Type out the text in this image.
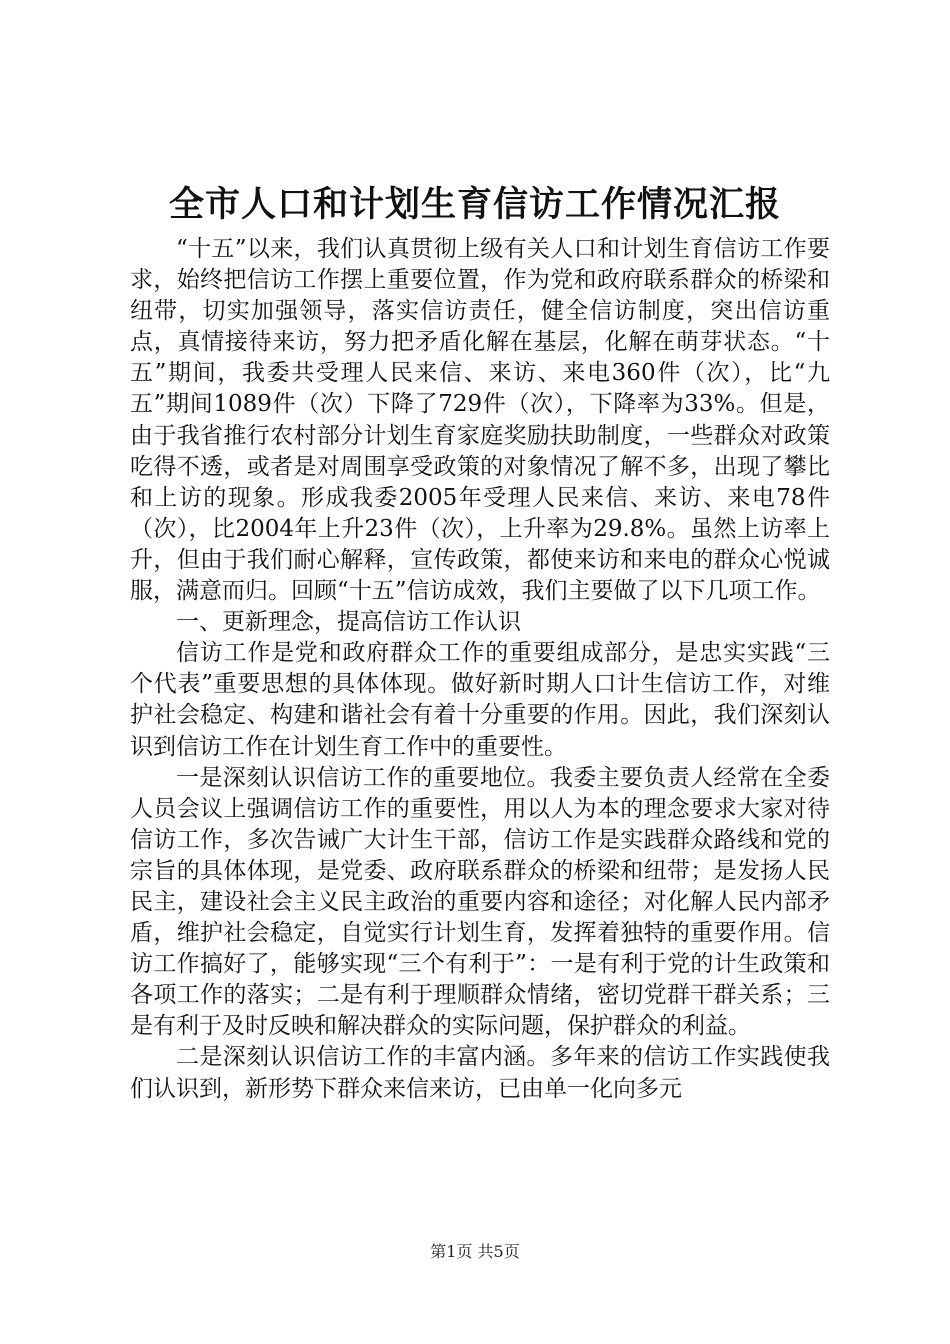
全市人口和计划生育信访工作情况汇报

“十五”以来，我们认真贯彻上级有关人口和计划生育信访工作要求，始终把信访工作摆上重要位置，作为党和政府联系群众的桥梁和纽带，切实加强领导，落实信访责任，健全信访制度，突出信访重点，真情接待来访，努力把矛盾化解在基层，化解在萌芽状态。“十五”期间，我委共受理人民来信、来访、来电360件（次），比“九五”期间1089件（次）下降了729件（次），下降率为33%。但是，由于我省推行农村部分计划生育家庭奖励扶助制度，一些群众对政策吃得不透，或者是对周围享受政策的对象情况了解不多，出现了攀比和上访的现象。形成我委2005年受理人民来信、来访、来电78件（次），比2004年上升23件（次），上升率为29.8%。虽然上访率上升，但由于我们耐心解释，宣传政策，都使来访和来电的群众心悦诚服，满意而归。回顾“十五”信访成效，我们主要做了以下几项工作。

一、更新理念，提高信访工作认识

信访工作是党和政府群众工作的重要组成部分，是忠实实践“三个代表”重要思想的具体体现。做好新时期人口计生信访工作，对维护社会稳定、构建和谐社会有着十分重要的作用。因此，我们深刻认识到信访工作在计划生育工作中的重要性。

一是深刻认识信访工作的重要地位。我委主要负责人经常在全委人员会议上强调信访工作的重要性，用以人为本的理念要求大家对待信访工作，多次告诫广大计生干部，信访工作是实践群众路线和党的宗旨的具体体现，是党委、政府联系群众的桥梁和纽带；是发扬人民民主，建设社会主义民主政治的重要内容和途径；对化解人民内部矛盾，维护社会稳定，自觉实行计划生育，发挥着独特的重要作用。信访工作搞好了，能够实现“三个有利于”：一是有利于党的计生政策和各项工作的落实；二是有利于理顺群众情绪，密切党群干群关系；三是有利于及时反映和解决群众的实际问题，保护群众的利益。

二是深刻认识信访工作的丰富内涵。多年来的信访工作实践使我们认识到，新形势下群众来信来访，已由单一化向多元

第1页 共5页
